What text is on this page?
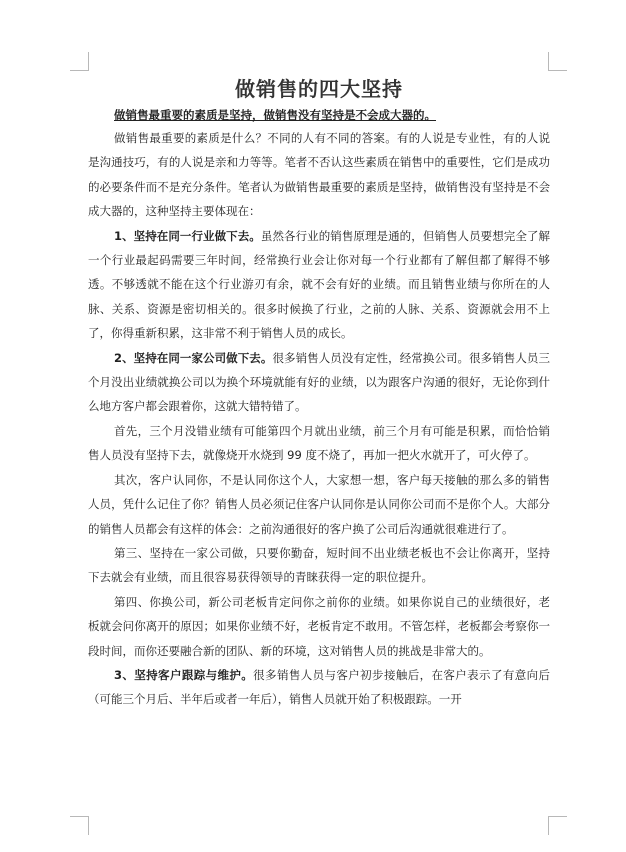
做销售的四大坚持

做销售最重要的素质是坚持，做销售没有坚持是不会成大器的。

做销售最重要的素质是什么？不同的人有不同的答案。有的人说是专业性，有的人说是沟通技巧，有的人说是亲和力等等。笔者不否认这些素质在销售中的重要性，它们是成功的必要条件而不是充分条件。笔者认为做销售最重要的素质是坚持，做销售没有坚持是不会成大器的，这种坚持主要体现在：

1、坚持在同一行业做下去。虽然各行业的销售原理是通的，但销售人员要想完全了解一个行业最起码需要三年时间，经常换行业会让你对每一个行业都有了解但都了解得不够透。不够透就不能在这个行业游刃有余，就不会有好的业绩。而且销售业绩与你所在的人脉、关系、资源是密切相关的。很多时候换了行业，之前的人脉、关系、资源就会用不上了，你得重新积累，这非常不利于销售人员的成长。

2、坚持在同一家公司做下去。很多销售人员没有定性，经常换公司。很多销售人员三个月没出业绩就换公司以为换个环境就能有好的业绩，以为跟客户沟通的很好，无论你到什么地方客户都会跟着你，这就大错特错了。

首先，三个月没错业绩有可能第四个月就出业绩，前三个月有可能是积累，而恰恰销售人员没有坚持下去，就像烧开水烧到 99 度不烧了，再加一把火水就开了，可火停了。

其次，客户认同你，不是认同你这个人，大家想一想，客户每天接触的那么多的销售人员，凭什么记住了你？销售人员必须记住客户认同你是认同你公司而不是你个人。大部分的销售人员都会有这样的体会：之前沟通很好的客户换了公司后沟通就很难进行了。

第三、坚持在一家公司做，只要你勤奋，短时间不出业绩老板也不会让你离开，坚持下去就会有业绩，而且很容易获得领导的青睐获得一定的职位提升。

第四、你换公司，新公司老板肯定问你之前你的业绩。如果你说自己的业绩很好，老板就会问你离开的原因；如果你业绩不好，老板肯定不敢用。不管怎样，老板都会考察你一段时间，而你还要融合新的团队、新的环境，这对销售人员的挑战是非常大的。

3、坚持客户跟踪与维护。很多销售人员与客户初步接触后，在客户表示了有意向后（可能三个月后、半年后或者一年后），销售人员就开始了积极跟踪。一开
